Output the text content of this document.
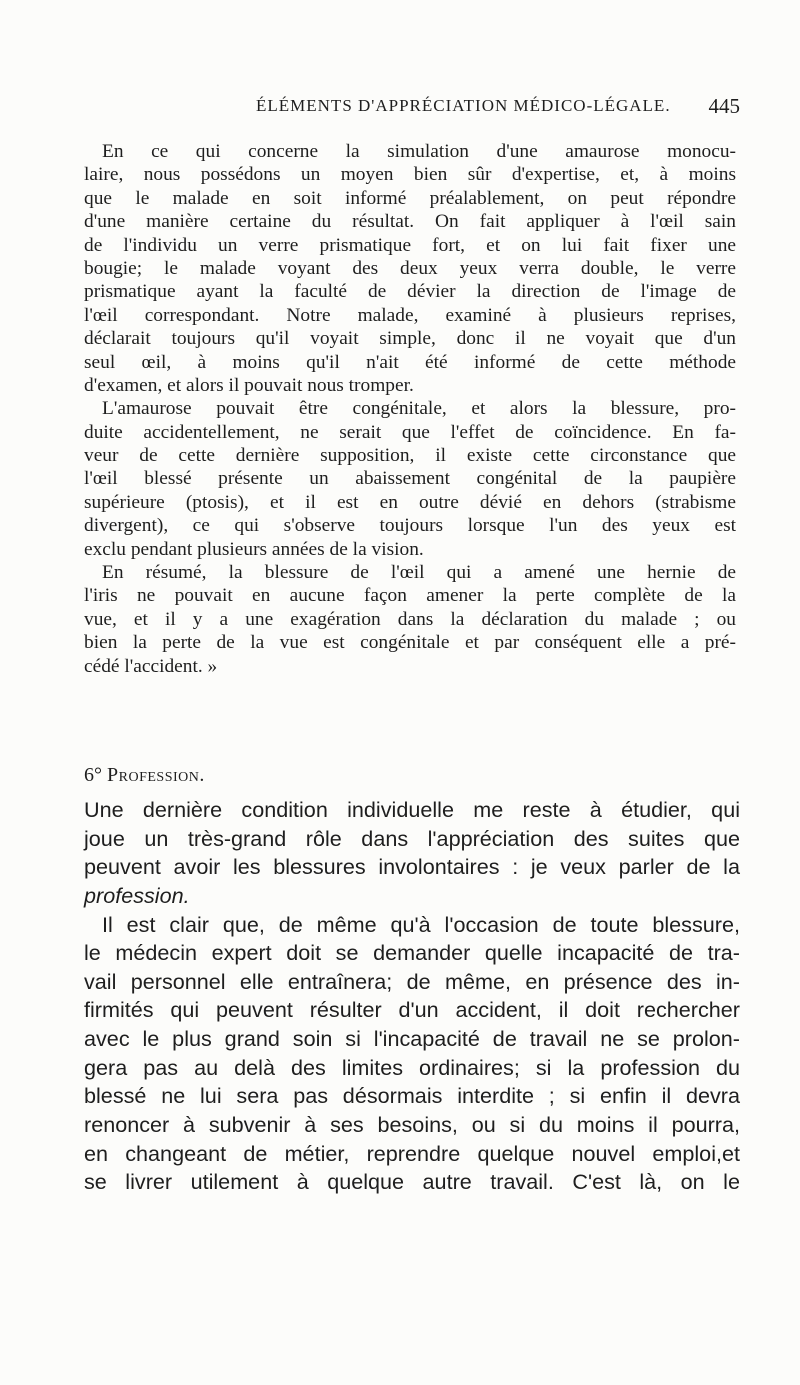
ÉLÉMENTS D'APPRÉCIATION MÉDICO-LÉGALE. 445
En ce qui concerne la simulation d'une amaurose monocu-
laire, nous possédons un moyen bien sûr d'expertise, et, à moins
que le malade en soit informé préalablement, on peut répondre
d'une manière certaine du résultat. On fait appliquer à l'œil sain
de l'individu un verre prismatique fort, et on lui fait fixer une
bougie; le malade voyant des deux yeux verra double, le verre
prismatique ayant la faculté de dévier la direction de l'image de
l'œil correspondant. Notre malade, examiné à plusieurs reprises,
déclarait toujours qu'il voyait simple, donc il ne voyait que d'un
seul œil, à moins qu'il n'ait été informé de cette méthode
d'examen, et alors il pouvait nous tromper.
L'amaurose pouvait être congénitale, et alors la blessure, pro-
duite accidentellement, ne serait que l'effet de coïncidence. En fa-
veur de cette dernière supposition, il existe cette circonstance que
l'œil blessé présente un abaissement congénital de la paupière
supérieure (ptosis), et il est en outre dévié en dehors (strabisme
divergent), ce qui s'observe toujours lorsque l'un des yeux est
exclu pendant plusieurs années de la vision.
En résumé, la blessure de l'œil qui a amené une hernie de
l'iris ne pouvait en aucune façon amener la perte complète de la
vue, et il y a une exagération dans la déclaration du malade ; ou
bien la perte de la vue est congénitale et par conséquent elle a pré-
cédé l'accident. »
6° Profession.
Une dernière condition individuelle me reste à étudier, qui
joue un très-grand rôle dans l'appréciation des suites que
peuvent avoir les blessures involontaires : je veux parler de la
profession.
Il est clair que, de même qu'à l'occasion de toute blessure,
le médecin expert doit se demander quelle incapacité de tra-
vail personnel elle entraînera; de même, en présence des in-
firmités qui peuvent résulter d'un accident, il doit rechercher
avec le plus grand soin si l'incapacité de travail ne se prolon-
gera pas au delà des limites ordinaires; si la profession du
blessé ne lui sera pas désormais interdite ; si enfin il devra
renoncer à subvenir à ses besoins, ou si du moins il pourra,
en changeant de métier, reprendre quelque nouvel emploi,et
se livrer utilement à quelque autre travail. C'est là, on le
